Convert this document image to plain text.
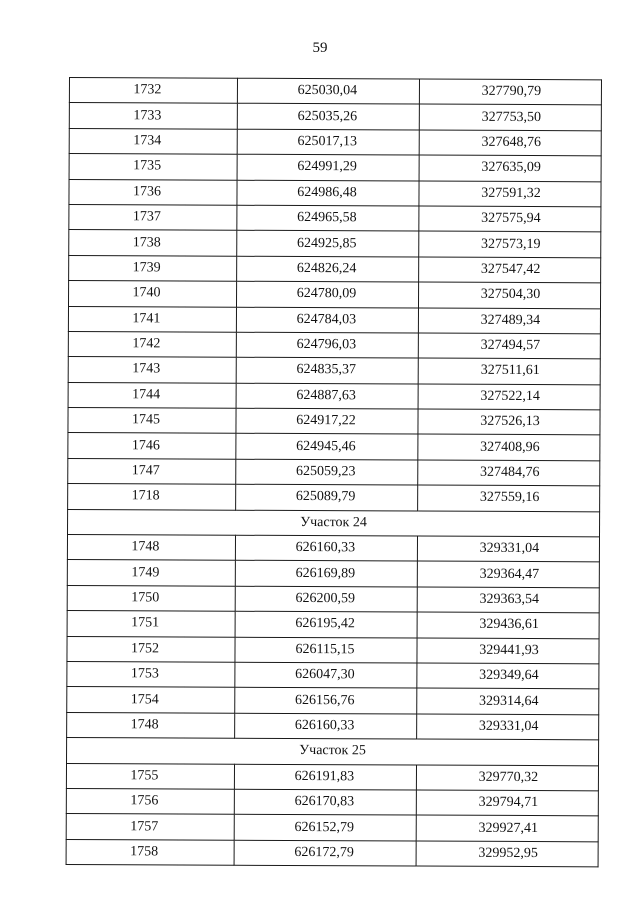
59
1732	625030,04	327790,79
1733	625035,26	327753,50
1734	625017,13	327648,76
1735	624991,29	327635,09
1736	624986,48	327591,32
1737	624965,58	327575,94
1738	624925,85	327573,19
1739	624826,24	327547,42
1740	624780,09	327504,30
1741	624784,03	327489,34
1742	624796,03	327494,57
1743	624835,37	327511,61
1744	624887,63	327522,14
1745	624917,22	327526,13
1746	624945,46	327408,96
1747	625059,23	327484,76
1718	625089,79	327559,16
Участок 24		
1748	626160,33	329331,04
1749	626169,89	329364,47
1750	626200,59	329363,54
1751	626195,42	329436,61
1752	626115,15	329441,93
1753	626047,30	329349,64
1754	626156,76	329314,64
1748	626160,33	329331,04
Участок 25		
1755	626191,83	329770,32
1756	626170,83	329794,71
1757	626152,79	329927,41
1758	626172,79	329952,95
